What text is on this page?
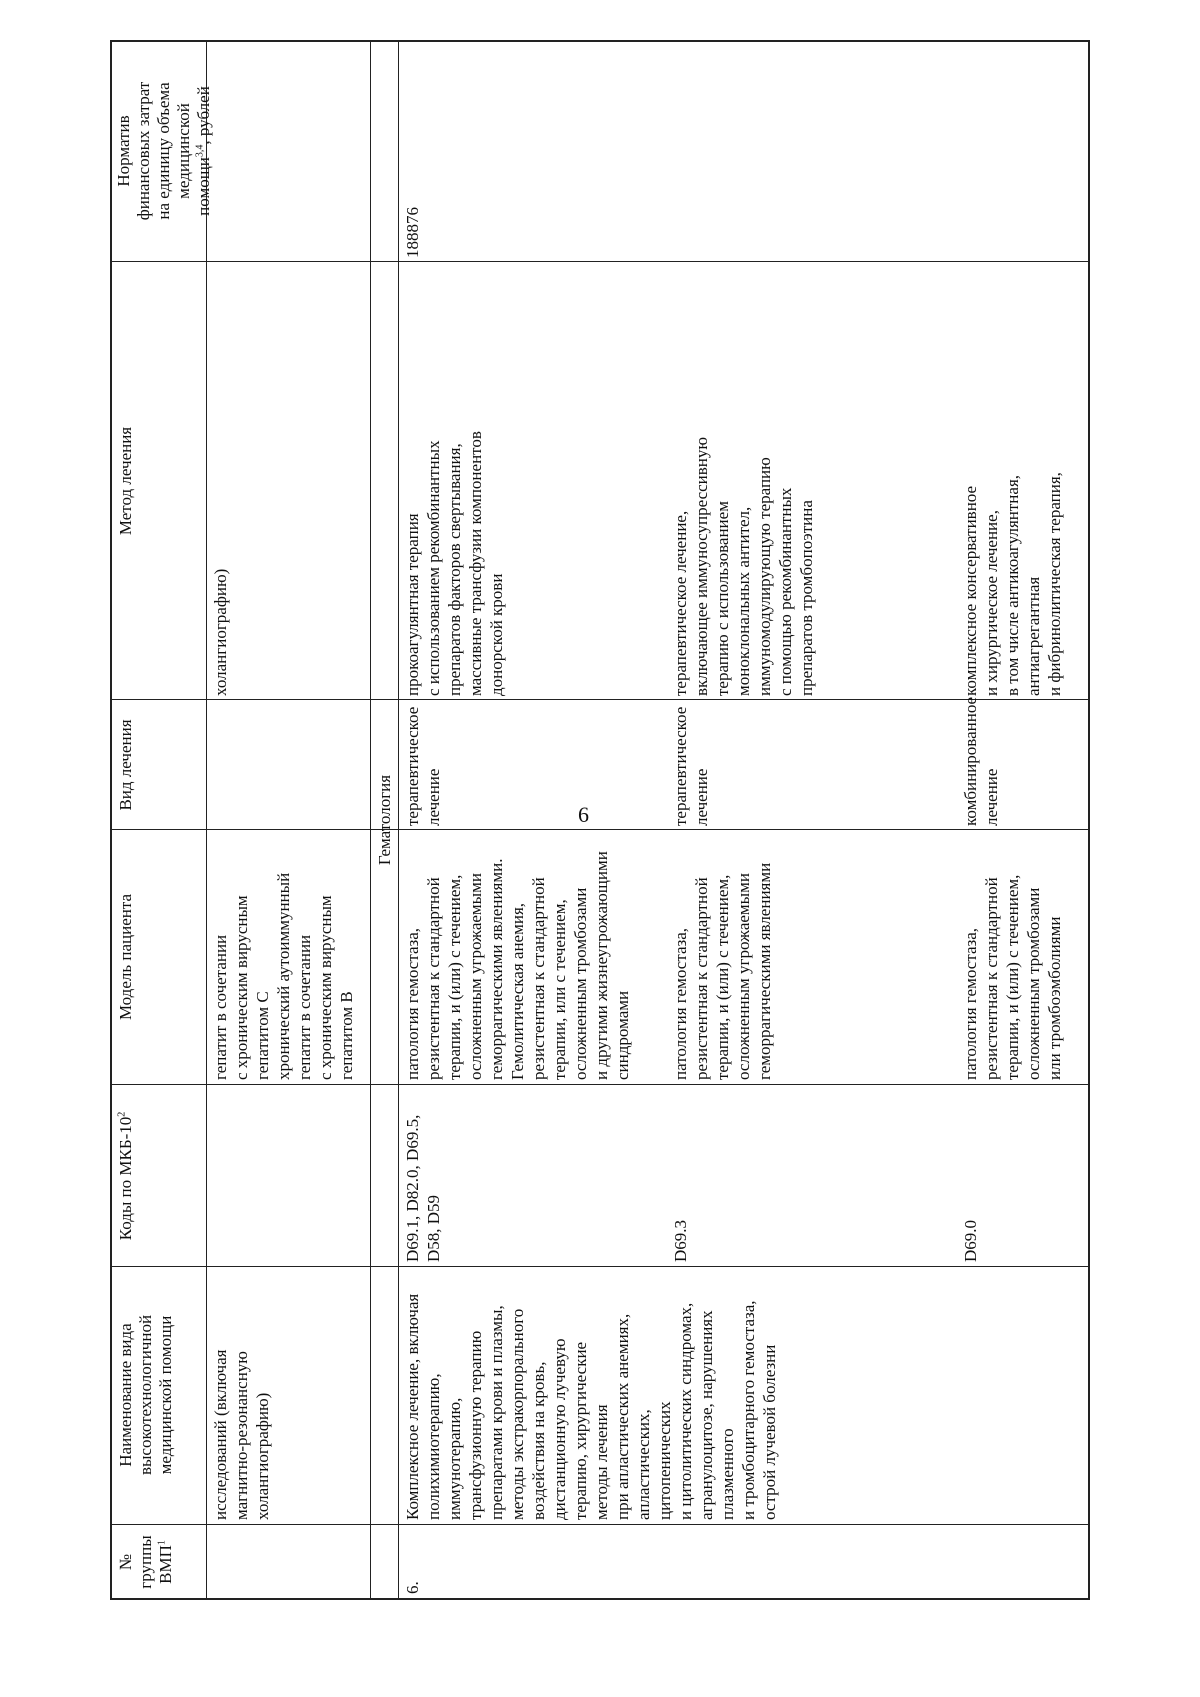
6
№
группы
ВМП$^1$
Наименование вида
высокотехнологичной
медицинской помощи
Модель пациента
Коды по МКБ-$10^2$
Вид лечения
Метод лечения
Норматив
финансовых затрат
на единицу объема
медицинской
помощи$^{3,4}$, рублей
исследований (включая
магнитно-резонансную
холангиографию)
гепатит в сочетании
с хроническим вирусным
гепатитом С
хронический аутоиммунный
гепатит в сочетании
с хроническим вирусным
гепатитом В
холангиографию)
Гематология
6.
Комплексное лечение, включая
полихимиотерапию,
иммунотерапию,
трансфузионную терапию
препаратами крови и плазмы,
методы экстракорпорального
воздействия на кровь,
дистанционную лучевую
терапию, хирургические
методы лечения
при апластических анемиях,
апластических,
цитопенических
и цитолитических синдромах,
агранулоцитозе, нарушениях
плазменного
и тромбоцитарного гемостаза,
острой лучевой болезни
188876
D69.1, D82.0, D69.5,
D58, D59
патология гемостаза,
резистентная к стандартной
терапии, и (или) с течением,
осложненным угрожаемыми
геморрагическими явлениями.
Гемолитическая анемия,
резистентная к стандартной
терапии, или с течением,
осложненным тромбозами
и другими жизнеугрожающими
синдромами
терапевтическое
лечение
прокоагулянтная терапия
с использованием рекомбинантных
препаратов факторов свертывания,
массивные трансфузии компонентов
донорской крови
D69.3
патология гемостаза,
резистентная к стандартной
терапии, и (или) с течением,
осложненным угрожаемыми
геморрагическими явлениями
терапевтическое
лечение
терапевтическое лечение,
включающее иммуносупрессивную
терапию с использованием
моноклональных антител,
иммуномодулирующую терапию
с помощью рекомбинантных
препаратов тромбопоэтина
D69.0
патология гемостаза,
резистентная к стандартной
терапии, и (или) с течением,
осложненным тромбозами
или тромбоэмболиями
комбинированное
лечение
комплексное консервативное
и хирургическое лечение,
в том числе антикоагулянтная,
антиагрегантная
и фибринолитическая терапия,
